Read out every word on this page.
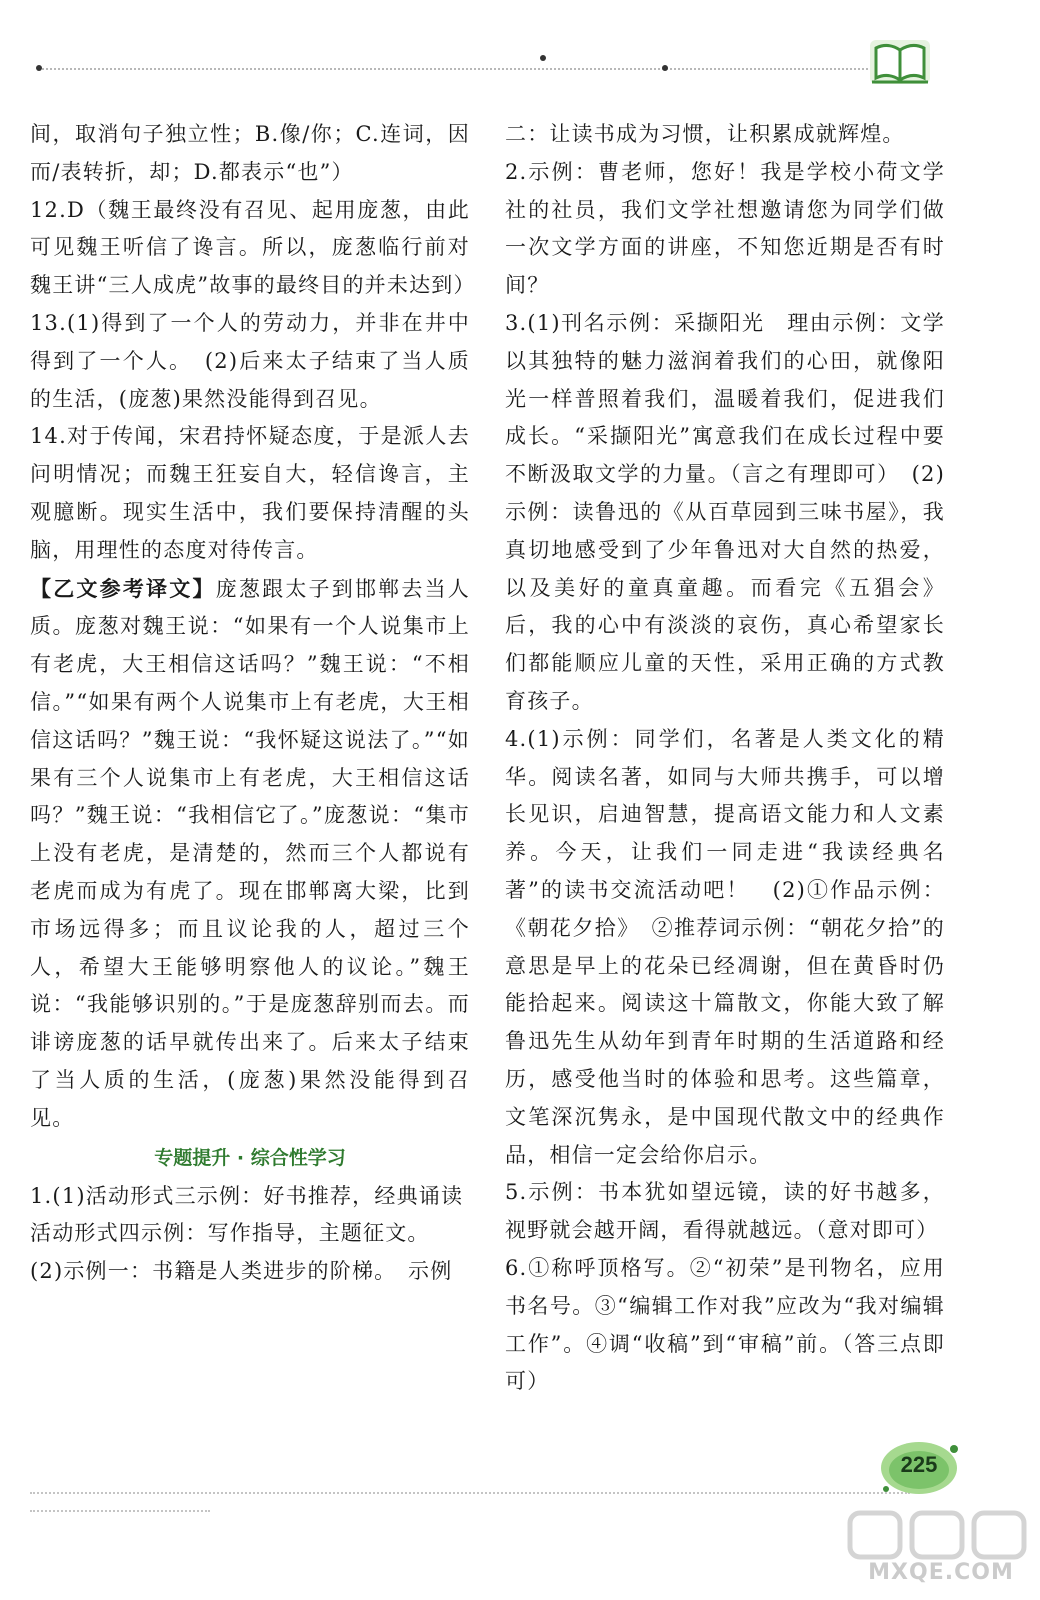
间，取消句子独立性；B.像/你；C.连词，因而/表转折，却；D.都表示“也”）

12.D（魏王最终没有召见、起用庞葱，由此可见魏王听信了谗言。所以，庞葱临行前对魏王讲“三人成虎”故事的最终目的并未达到）

13.(1)得到了一个人的劳动力，并非在井中得到了一个人。　(2)后来太子结束了当人质的生活，(庞葱)果然没能得到召见。

14.对于传闻，宋君持怀疑态度，于是派人去问明情况；而魏王狂妄自大，轻信谗言，主观臆断。现实生活中，我们要保持清醒的头脑，用理性的态度对待传言。

【乙文参考译文】庞葱跟太子到邯郸去当人质。庞葱对魏王说：“如果有一个人说集市上有老虎，大王相信这话吗？”魏王说：“不相信。”“如果有两个人说集市上有老虎，大王相信这话吗？”魏王说：“我怀疑这说法了。”“如果有三个人说集市上有老虎，大王相信这话吗？”魏王说：“我相信它了。”庞葱说：“集市上没有老虎，是清楚的，然而三个人都说有老虎而成为有虎了。现在邯郸离大梁，比到市场远得多；而且议论我的人，超过三个人，希望大王能够明察他人的议论。”魏王说：“我能够识别的。”于是庞葱辞别而去。而诽谤庞葱的话早就传出来了。后来太子结束了当人质的生活，(庞葱)果然没能得到召见。

专题提升 · 综合性学习

1.(1)活动形式三示例：好书推荐，经典诵读

活动形式四示例：写作指导，主题征文。

(2)示例一：书籍是人类进步的阶梯。　示例

二：让读书成为习惯，让积累成就辉煌。

2.示例：曹老师，您好！我是学校小荷文学社的社员，我们文学社想邀请您为同学们做一次文学方面的讲座，不知您近期是否有时间？

3.(1)刊名示例：采撷阳光　理由示例：文学以其独特的魅力滋润着我们的心田，就像阳光一样普照着我们，温暖着我们，促进我们成长。“采撷阳光”寓意我们在成长过程中要不断汲取文学的力量。（言之有理即可）　(2)示例：读鲁迅的《从百草园到三味书屋》，我真切地感受到了少年鲁迅对大自然的热爱，以及美好的童真童趣。而看完《五猖会》后，我的心中有淡淡的哀伤，真心希望家长们都能顺应儿童的天性，采用正确的方式教育孩子。

4.(1)示例：同学们，名著是人类文化的精华。阅读名著，如同与大师共携手，可以增长见识，启迪智慧，提高语文能力和人文素养。今天，让我们一同走进“我读经典名著”的读书交流活动吧！　(2)①作品示例：《朝花夕拾》　②推荐词示例：“朝花夕拾”的意思是早上的花朵已经凋谢，但在黄昏时仍能拾起来。阅读这十篇散文，你能大致了解鲁迅先生从幼年到青年时期的生活道路和经历，感受他当时的体验和思考。这些篇章，文笔深沉隽永，是中国现代散文中的经典作品，相信一定会给你启示。

5.示例：书本犹如望远镜，读的好书越多，视野就会越开阔，看得就越远。（意对即可）

6.①称呼顶格写。②“初荣”是刊物名，应用书名号。③“编辑工作对我”应改为“我对编辑工作”。④调“收稿”到“审稿”前。（答三点即可）

225
MXQE.COM
